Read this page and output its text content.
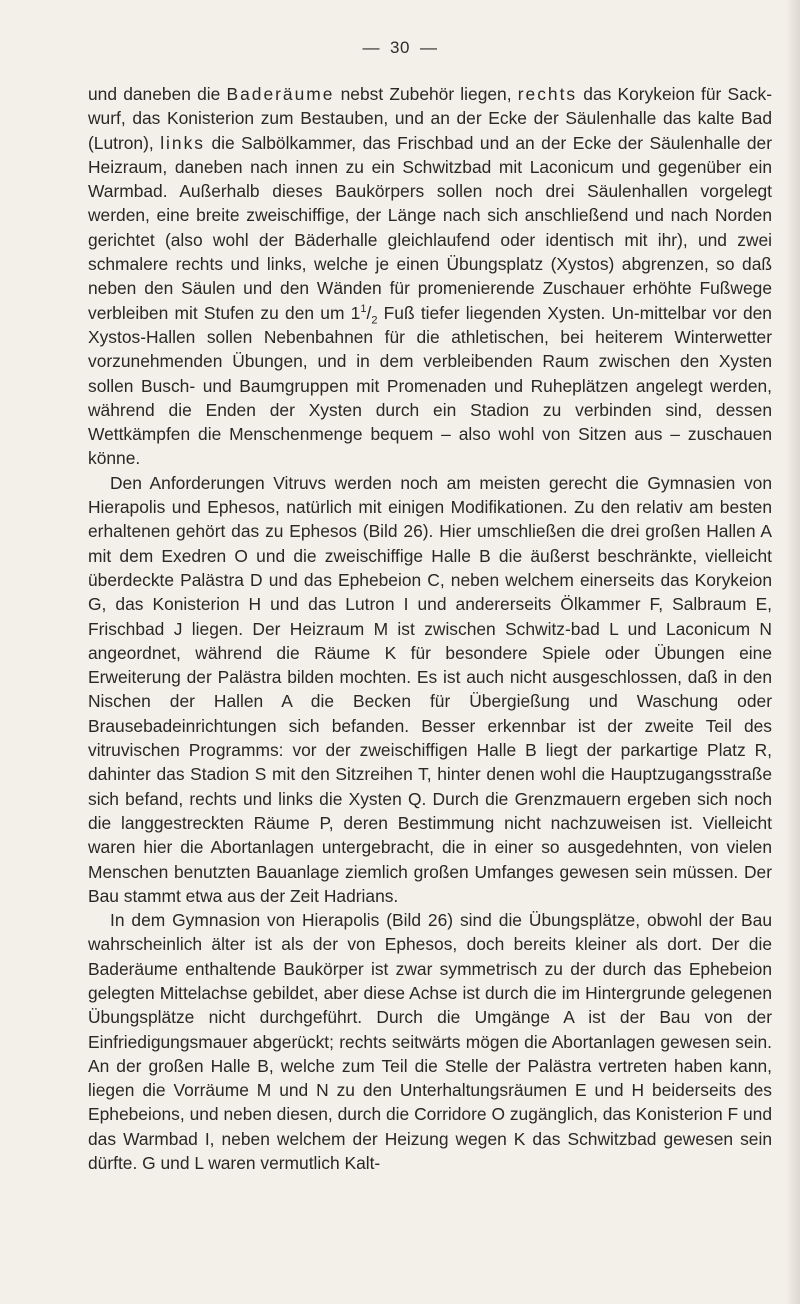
— 30 —

und daneben die Baderäume nebst Zubehör liegen, rechts das Korykeion für Sack-wurf, das Konisterion zum Bestauben, und an der Ecke der Säulenhalle das kalte Bad (Lutron), links die Salbölkammer, das Frischbad und an der Ecke der Säulenhalle der Heizraum, daneben nach innen zu ein Schwitzbad mit Laconicum und gegenüber ein Warmbad. Außerhalb dieses Baukörpers sollen noch drei Säulenhallen vorgelegt werden, eine breite zweischiffige, der Länge nach sich anschließend und nach Norden gerichtet (also wohl der Bäderhalle gleichlaufend oder identisch mit ihr), und zwei schmalere rechts und links, welche je einen Übungsplatz (Xystos) abgrenzen, so daß neben den Säulen und den Wänden für promenierende Zuschauer erhöhte Fußwege verbleiben mit Stufen zu den um $1^1/_2$ Fuß tiefer liegenden Xysten. Un-mittelbar vor den Xystos-Hallen sollen Nebenbahnen für die athletischen, bei heiterem Winterwetter vorzunehmenden Übungen, und in dem verbleibenden Raum zwischen den Xysten sollen Busch- und Baumgruppen mit Promenaden und Ruheplätzen angelegt werden, während die Enden der Xysten durch ein Stadion zu verbinden sind, dessen Wettkämpfen die Menschenmenge bequem – also wohl von Sitzen aus – zuschauen könne.

Den Anforderungen Vitruvs werden noch am meisten gerecht die Gymnasien von Hierapolis und Ephesos, natürlich mit einigen Modifikationen. Zu den relativ am besten erhaltenen gehört das zu Ephesos (Bild 26). Hier umschließen die drei großen Hallen A mit dem Exedren O und die zweischiffige Halle B die äußerst beschränkte, vielleicht überdeckte Palästra D und das Ephebeion C, neben welchem einerseits das Korykeion G, das Konisterion H und das Lutron I und andererseits Ölkammer F, Salbraum E, Frischbad J liegen. Der Heizraum M ist zwischen Schwitz-bad L und Laconicum N angeordnet, während die Räume K für besondere Spiele oder Übungen eine Erweiterung der Palästra bilden mochten. Es ist auch nicht ausgeschlossen, daß in den Nischen der Hallen A die Becken für Übergießung und Waschung oder Brausebadeinrichtungen sich befanden. Besser erkennbar ist der zweite Teil des vitruvischen Programms: vor der zweischiffigen Halle B liegt der parkartige Platz R, dahinter das Stadion S mit den Sitzreihen T, hinter denen wohl die Hauptzugangsstraße sich befand, rechts und links die Xysten Q. Durch die Grenzmauern ergeben sich noch die langgestreckten Räume P, deren Bestimmung nicht nachzuweisen ist. Vielleicht waren hier die Abortanlagen untergebracht, die in einer so ausgedehnten, von vielen Menschen benutzten Bauanlage ziemlich großen Umfanges gewesen sein müssen. Der Bau stammt etwa aus der Zeit Hadrians.

In dem Gymnasion von Hierapolis (Bild 26) sind die Übungsplätze, obwohl der Bau wahrscheinlich älter ist als der von Ephesos, doch bereits kleiner als dort. Der die Baderäume enthaltende Baukörper ist zwar symmetrisch zu der durch das Ephebeion gelegten Mittelachse gebildet, aber diese Achse ist durch die im Hintergrunde gelegenen Übungsplätze nicht durchgeführt. Durch die Umgänge A ist der Bau von der Einfriedigungsmauer abgerückt; rechts seitwärts mögen die Abortanlagen gewesen sein. An der großen Halle B, welche zum Teil die Stelle der Palästra vertreten haben kann, liegen die Vorräume M und N zu den Unterhaltungsräumen E und H beiderseits des Ephebeions, und neben diesen, durch die Corridore O zugänglich, das Konisterion F und das Warmbad I, neben welchem der Heizung wegen K das Schwitzbad gewesen sein dürfte. G und L waren vermutlich Kalt-
